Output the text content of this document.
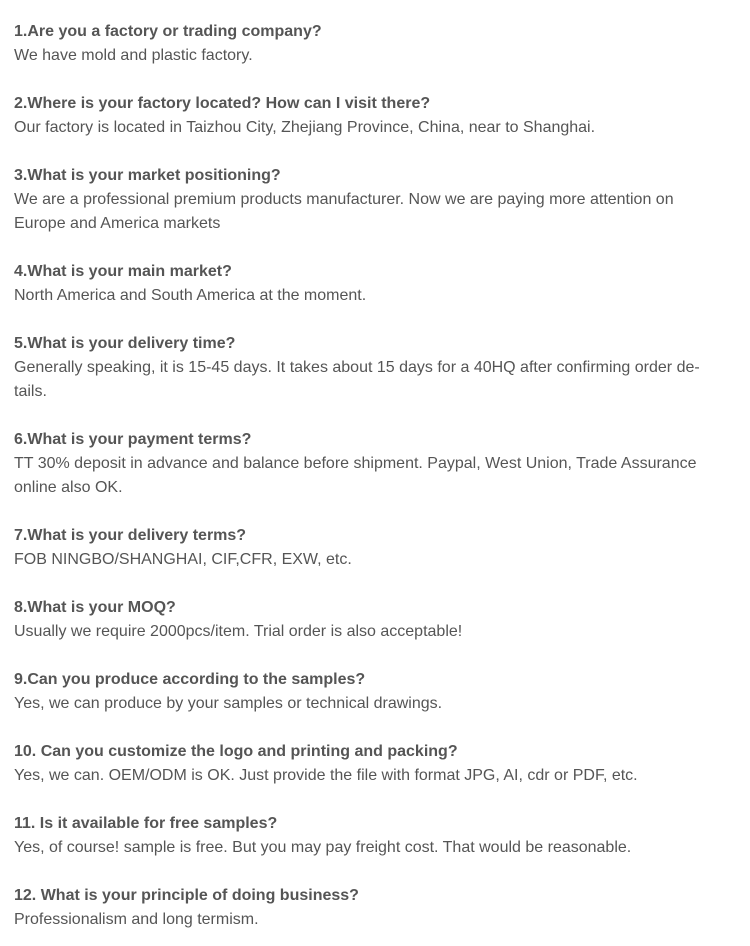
1.Are you a factory or trading company?
We have mold and plastic factory.
2.Where is your factory located? How can I visit there?
Our factory is located in Taizhou City, Zhejiang Province, China, near to Shanghai.
3.What is your market positioning?
We are a professional premium products manufacturer. Now we are paying more attention on Europe and America markets
4.What is your main market?
North America and South America at the moment.
5.What is your delivery time?
Generally speaking, it is 15-45 days. It takes about 15 days for a 40HQ after confirming order de-tails.
6.What is your payment terms?
TT 30% deposit in advance and balance before shipment. Paypal, West Union, Trade Assurance online also OK.
7.What is your delivery terms?
FOB NINGBO/SHANGHAI, CIF,CFR, EXW, etc.
8.What is your MOQ?
Usually we require 2000pcs/item. Trial order is also acceptable!
9.Can you produce according to the samples?
Yes, we can produce by your samples or technical drawings.
10. Can you customize the logo and printing and packing?
Yes, we can. OEM/ODM is OK. Just provide the file with format JPG, AI, cdr or PDF, etc.
11. Is it available for free samples?
Yes, of course! sample is free. But you may pay freight cost. That would be reasonable.
12. What is your principle of doing business?
Professionalism and long termism.
